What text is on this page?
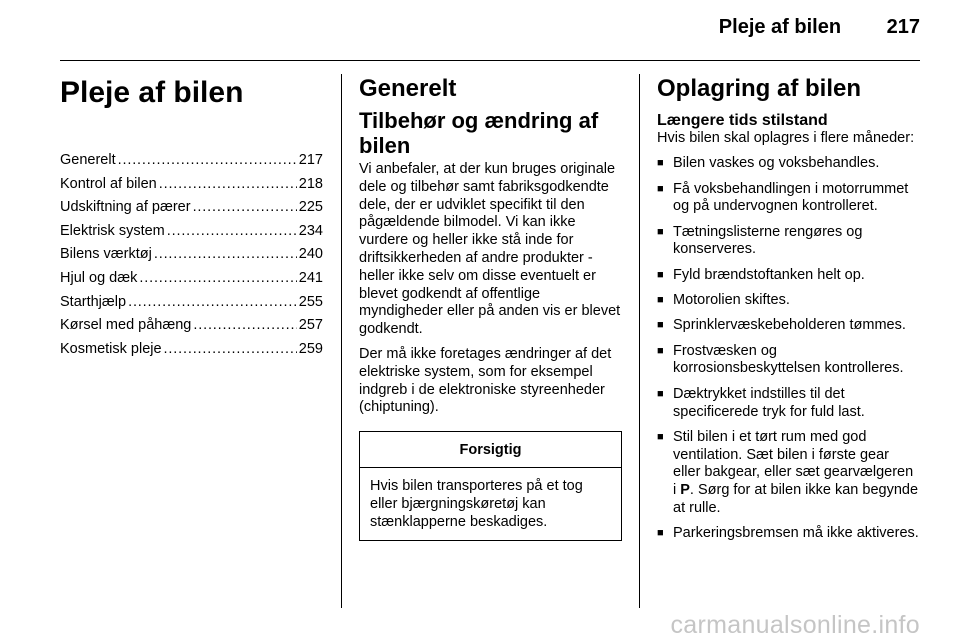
Pleje af bilen 217
Pleje af bilen
Generelt . . .	217
Kontrol af bilen . . .	218
Udskiftning af pærer . . .	225
Elektrisk system . . .	234
Bilens værktøj . . .	240
Hjul og dæk . . .	241
Starthjælp . . .	255
Kørsel med påhæng . . .	257
Kosmetisk pleje . . .	259
Generelt
Tilbehør og ændring af bilen

Vi anbefaler, at der kun bruges originale dele og tilbehør samt fabriksgodkendte dele, der er udviklet specifikt til den pågældende bilmodel. Vi kan ikke vurdere og heller ikke stå inde for driftsikkerheden af andre produkter - heller ikke selv om disse eventuelt er blevet godkendt af offentlige myndigheder eller på anden vis er blevet godkendt.

Der må ikke foretages ændringer af det elektriske system, som for eksempel indgreb i de elektroniske styreenheder (chiptuning).

Forsigtig

Hvis bilen transporteres på et tog eller bjærgningskøretøj kan stænklapperne beskadiges.

Oplagring af bilen
Længere tids stilstand

Hvis bilen skal oplagres i flere måneder:

■ Bilen vaskes og voksbehandles.
■ Få voksbehandlingen i motorrummet og på undervognen kontrolleret.
■ Tætningslisterne rengøres og konserveres.
■ Fyld brændstoftanken helt op.
■ Motorolien skiftes.
■ Sprinklervæskebeholderen tømmes.
■ Frostvæsken og korrosionsbeskyttelsen kontrolleres.
■ Dæktrykket indstilles til det specificerede tryk for fuld last.
■ Stil bilen i et tørt rum med god ventilation. Sæt bilen i første gear eller bakgear, eller sæt gearvælgeren i P. Sørg for at bilen ikke kan begynde at rulle.
■ Parkeringsbremsen må ikke aktiveres.
carmanualsonline.info
